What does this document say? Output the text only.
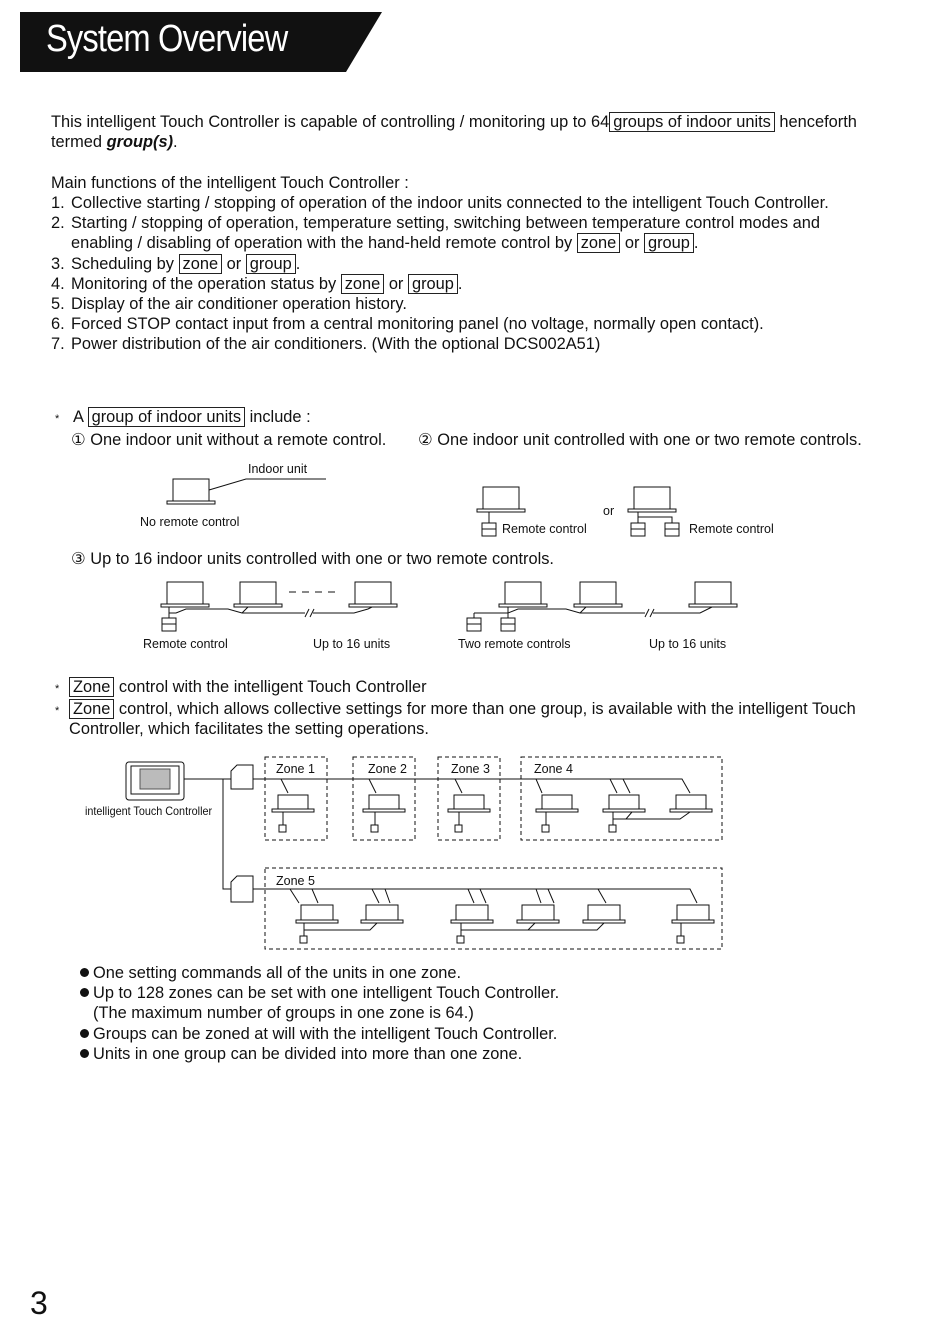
System Overview
This intelligent Touch Controller is capable of controlling / monitoring up to 64 groups of indoor units henceforth
termed group(s).
Main functions of the intelligent Touch Controller :
1. Collective starting / stopping of operation of the indoor units connected to the intelligent Touch Controller.
2. Starting / stopping of operation, temperature setting, switching between temperature control modes and
enabling / disabling of operation with the hand-held remote control by zone or group .
3. Scheduling by zone or group .
4. Monitoring of the operation status by zone or group .
5. Display of the air conditioner operation history.
6. Forced STOP contact input from a central monitoring panel (no voltage, normally open contact).
7. Power distribution of the air conditioners. (With the optional DCS002A51)
* A group of indoor units include :
① One indoor unit without a remote control. ② One indoor unit controlled with one or two remote controls.
Indoor unit
No remote control	Remote control
or
Remote control
③ Up to 16 indoor units controlled with one or two remote controls.
Remote control	Up to 16 units	Two remote controls	Up to 16 units
* Zone control with the intelligent Touch Controller
* Zone control, which allows collective settings for more than one group, is available with the intelligent Touch
Controller, which facilitates the setting operations.
intelligent Touch Controller
Zone 1	Zone 2	Zone 3	Zone 4
Zone 5
One setting commands all of the units in one zone.
Up to 128 zones can be set with one intelligent Touch Controller.
(The maximum number of groups in one zone is 64.)
Groups can be zoned at will with the intelligent Touch Controller.
Units in one group can be divided into more than one zone.
3
